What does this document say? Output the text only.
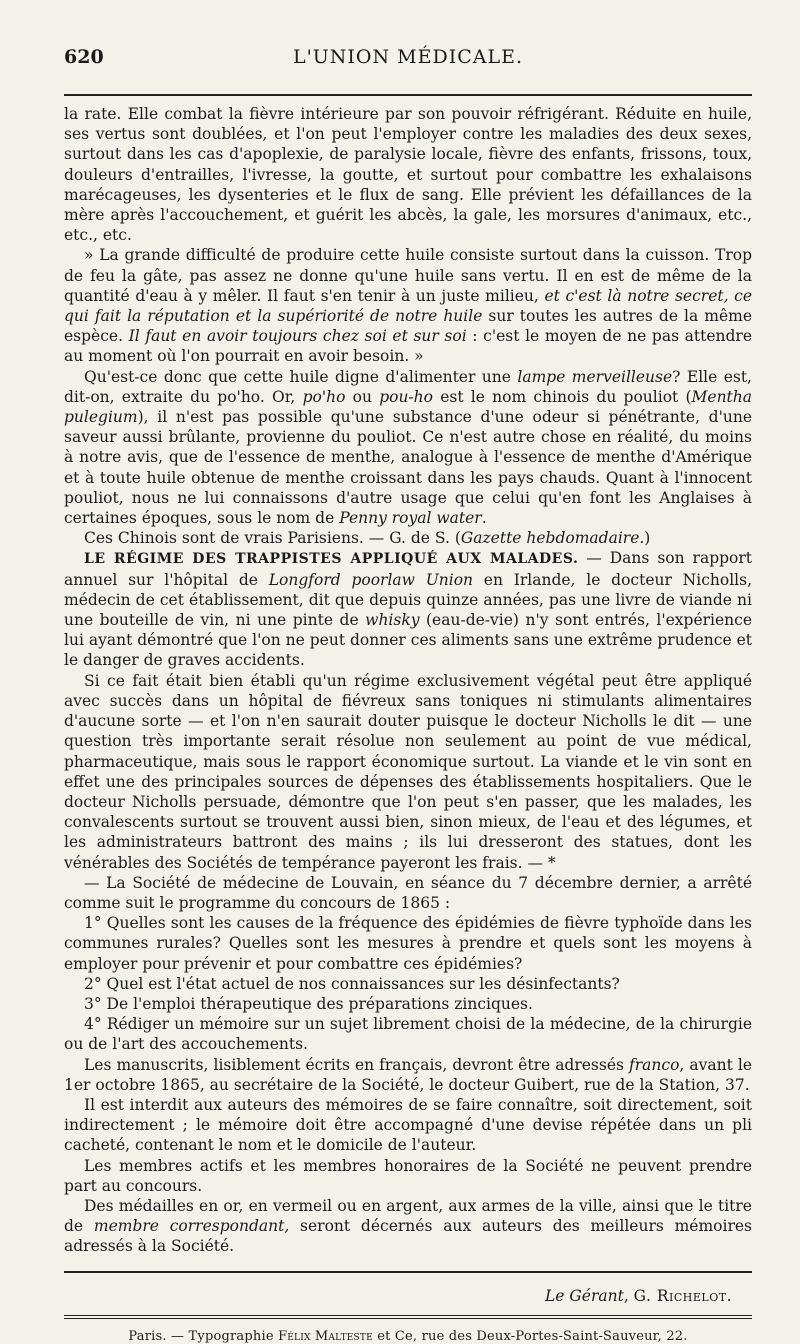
620	L'UNION MÉDICALE.

la rate. Elle combat la fièvre intérieure par son pouvoir réfrigérant. Réduite en huile, ses vertus sont doublées, et l'on peut l'employer contre les maladies des deux sexes, surtout dans les cas d'apoplexie, de paralysie locale, fièvre des enfants, frissons, toux, douleurs d'entrailles, l'ivresse, la goutte, et surtout pour combattre les exhalaisons marécageuses, les dysenteries et le flux de sang. Elle prévient les défaillances de la mère après l'accouchement, et guérit les abcès, la gale, les morsures d'animaux, etc., etc., etc.

» La grande difficulté de produire cette huile consiste surtout dans la cuisson. Trop de feu la gâte, pas assez ne donne qu'une huile sans vertu. Il en est de même de la quantité d'eau à y mêler. Il faut s'en tenir à un juste milieu, et c'est là notre secret, ce qui fait la réputation et la supériorité de notre huile sur toutes les autres de la même espèce. Il faut en avoir toujours chez soi et sur soi : c'est le moyen de ne pas attendre au moment où l'on pourrait en avoir besoin. »

Qu'est-ce donc que cette huile digne d'alimenter une lampe merveilleuse? Elle est, dit-on, extraite du po'ho. Or, po'ho ou pou-ho est le nom chinois du pouliot (Mentha pulegium), il n'est pas possible qu'une substance d'une odeur si pénétrante, d'une saveur aussi brûlante, provienne du pouliot. Ce n'est autre chose en réalité, du moins à notre avis, que de l'essence de menthe, analogue à l'essence de menthe d'Amérique et à toute huile obtenue de menthe croissant dans les pays chauds. Quant à l'innocent pouliot, nous ne lui connaissons d'autre usage que celui qu'en font les Anglaises à certaines époques, sous le nom de Penny royal water.

Ces Chinois sont de vrais Parisiens. — G. de S. (Gazette hebdomadaire.)

LE RÉGIME DES TRAPPISTES APPLIQUÉ AUX MALADES. — Dans son rapport annuel sur l'hôpital de Longford poorlaw Union en Irlande, le docteur Nicholls, médecin de cet établissement, dit que depuis quinze années, pas une livre de viande ni une bouteille de vin, ni une pinte de whisky (eau-de-vie) n'y sont entrés, l'expérience lui ayant démontré que l'on ne peut donner ces aliments sans une extrême prudence et le danger de graves accidents.

Si ce fait était bien établi qu'un régime exclusivement végétal peut être appliqué avec succès dans un hôpital de fiévreux sans toniques ni stimulants alimentaires d'aucune sorte — et l'on n'en saurait douter puisque le docteur Nicholls le dit — une question très importante serait résolue non seulement au point de vue médical, pharmaceutique, mais sous le rapport économique surtout. La viande et le vin sont en effet une des principales sources de dépenses des établissements hospitaliers. Que le docteur Nicholls persuade, démontre que l'on peut s'en passer, que les malades, les convalescents surtout se trouvent aussi bien, sinon mieux, de l'eau et des légumes, et les administrateurs battront des mains ; ils lui dresseront des statues, dont les vénérables des Sociétés de tempérance payeront les frais. — *

— La Société de médecine de Louvain, en séance du 7 décembre dernier, a arrêté comme suit le programme du concours de 1865 :

1° Quelles sont les causes de la fréquence des épidémies de fièvre typhoïde dans les communes rurales? Quelles sont les mesures à prendre et quels sont les moyens à employer pour prévenir et pour combattre ces épidémies?

2° Quel est l'état actuel de nos connaissances sur les désinfectants?

3° De l'emploi thérapeutique des préparations zinciques.

4° Rédiger un mémoire sur un sujet librement choisi de la médecine, de la chirurgie ou de l'art des accouchements.

Les manuscrits, lisiblement écrits en français, devront être adressés franco, avant le 1er octobre 1865, au secrétaire de la Société, le docteur Guibert, rue de la Station, 37.

Il est interdit aux auteurs des mémoires de se faire connaître, soit directement, soit indirectement ; le mémoire doit être accompagné d'une devise répétée dans un pli cacheté, contenant le nom et le domicile de l'auteur.

Les membres actifs et les membres honoraires de la Société ne peuvent prendre part au concours.

Des médailles en or, en vermeil ou en argent, aux armes de la ville, ainsi que le titre de membre correspondant, seront décernés aux auteurs des meilleurs mémoires adressés à la Société.

Le Gérant, G. Richelot.
Paris. — Typographie Félix Malteste et Ce, rue des Deux-Portes-Saint-Sauveur, 22.
